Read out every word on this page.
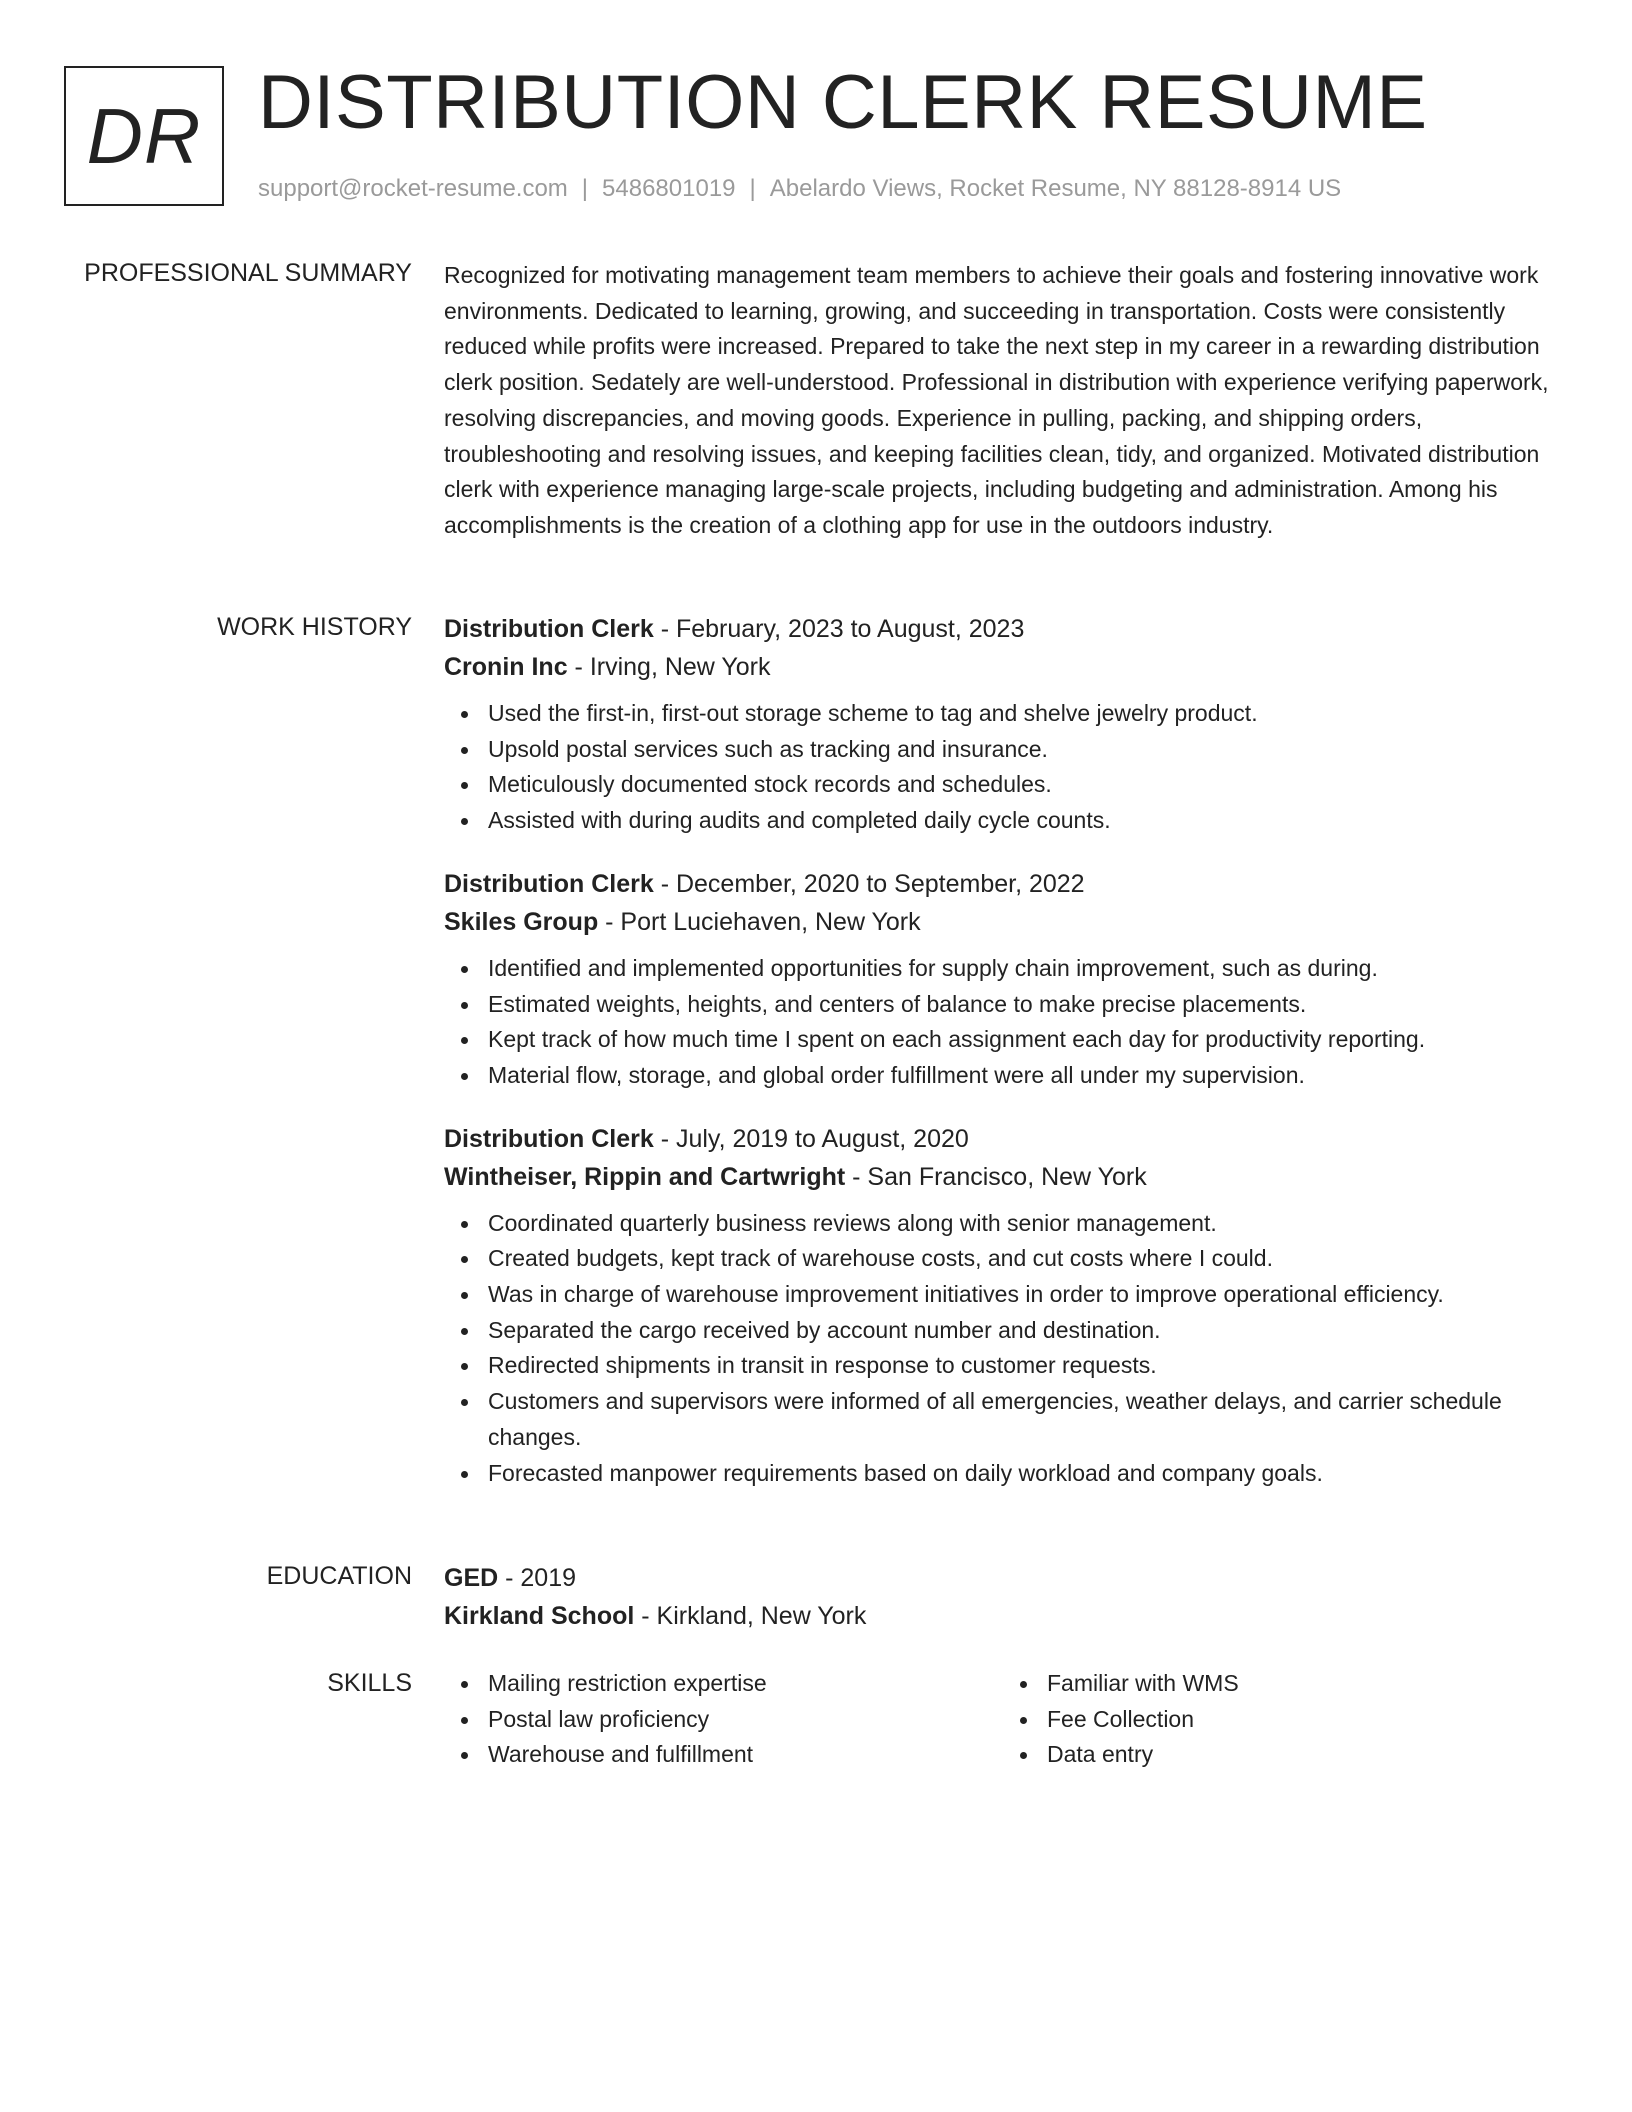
DR DISTRIBUTION CLERK RESUME
support@rocket-resume.com | 5486801019 | Abelardo Views, Rocket Resume, NY 88128-8914 US
PROFESSIONAL SUMMARY Recognized for motivating management team members to achieve their goals and fostering innovative work environments. Dedicated to learning, growing, and succeeding in transportation. Costs were consistently reduced while profits were increased. Prepared to take the next step in my career in a rewarding distribution clerk position. Sedately are well-understood. Professional in distribution with experience verifying paperwork, resolving discrepancies, and moving goods. Experience in pulling, packing, and shipping orders, troubleshooting and resolving issues, and keeping facilities clean, tidy, and organized. Motivated distribution clerk with experience managing large-scale projects, including budgeting and administration. Among his accomplishments is the creation of a clothing app for use in the outdoors industry.

WORK HISTORY Distribution Clerk - February, 2023 to August, 2023
Cronin Inc - Irving, New York
Used the first-in, first-out storage scheme to tag and shelve jewelry product.
Upsold postal services such as tracking and insurance.
Meticulously documented stock records and schedules.
Assisted with during audits and completed daily cycle counts.
Distribution Clerk - December, 2020 to September, 2022
Skiles Group - Port Luciehaven, New York
Identified and implemented opportunities for supply chain improvement, such as during.
Estimated weights, heights, and centers of balance to make precise placements.
Kept track of how much time I spent on each assignment each day for productivity reporting.
Material flow, storage, and global order fulfillment were all under my supervision.
Distribution Clerk - July, 2019 to August, 2020
Wintheiser, Rippin and Cartwright - San Francisco, New York
Coordinated quarterly business reviews along with senior management.
Created budgets, kept track of warehouse costs, and cut costs where I could.
Was in charge of warehouse improvement initiatives in order to improve operational efficiency.
Separated the cargo received by account number and destination.
Redirected shipments in transit in response to customer requests.
Customers and supervisors were informed of all emergencies, weather delays, and carrier schedule changes.
Forecasted manpower requirements based on daily workload and company goals.
EDUCATION GED - 2019
Kirkland School - Kirkland, New York
SKILLS	Mailing restriction expertise
Postal law proficiency
Warehouse and fulfillment
Familiar with WMS
Fee Collection
Data entry
